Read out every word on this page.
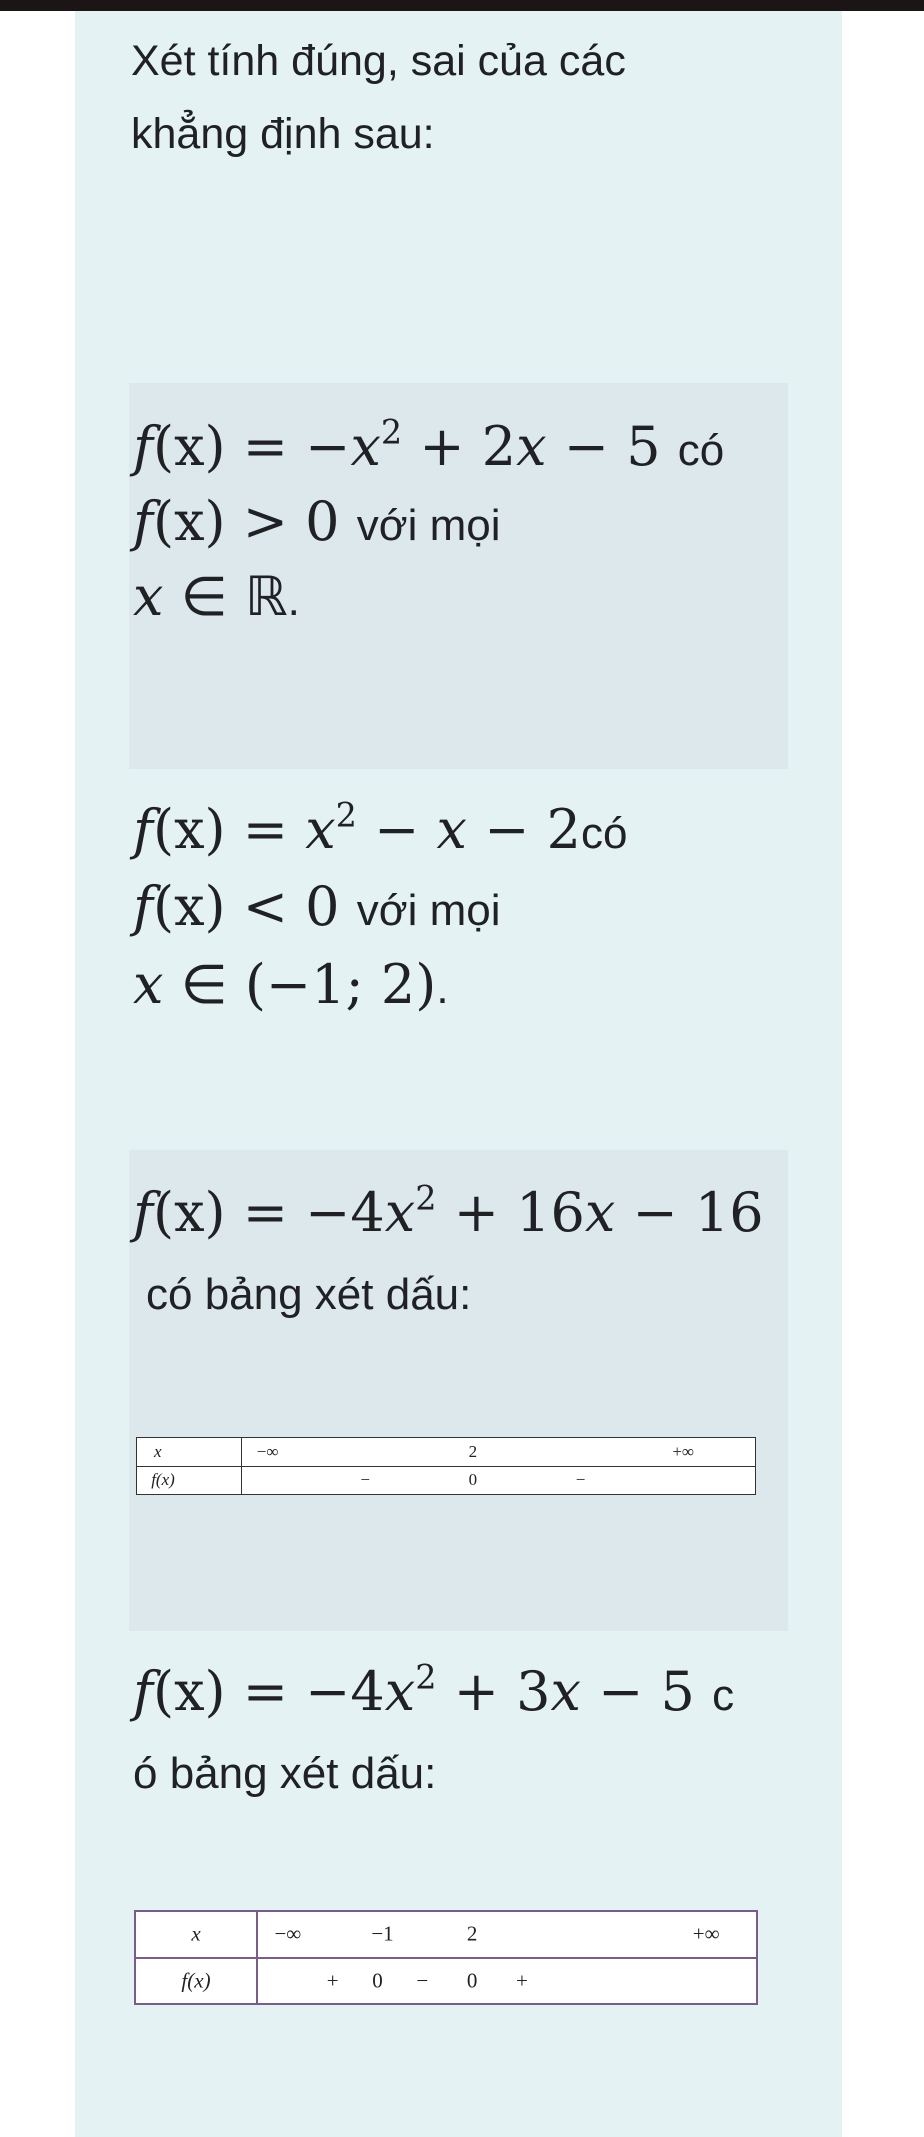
Xét tính đúng, sai của các
khẳng định sau:
$f(x) = -x^2 + 2x - 5$ có
f(x) > 0 với mọi
x ∈ ℝ.
$f(x) = x^2 - x$ − 2có
f(x) < 0 với mọi
x ∈ (−1; 2).
$f(x) = -4x^2 + 16x - 16$
có bảng xét dấu:
x	−∞ 2 +∞

f(x)	− 0 −
$f(x) = -4x^2 + 3x - 5$ c
ó bảng xét dấu:
x	−∞ −1 2 +∞

f(x)	+ 0 − 0 +
